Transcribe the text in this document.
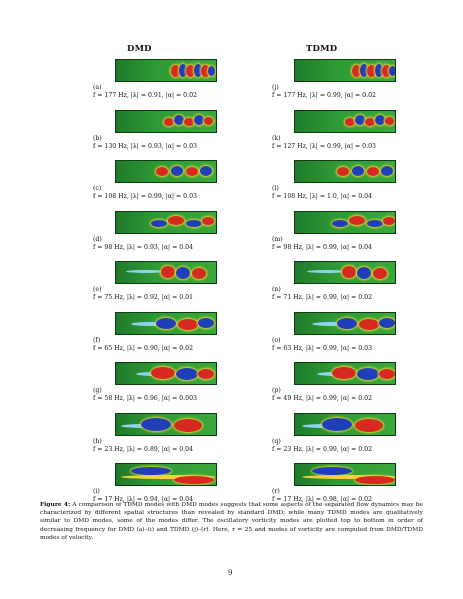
DMD	TDMD
(a)
f = 177 Hz, |λ| = 0.91, |α| = 0.02
(b)
f = 130 Hz, |λ| = 0.93, |α| = 0.03
(c)
f = 108 Hz, |λ| = 0.99, |α| = 0.03
(d)
f = 98 Hz, |λ| = 0.93, |α| = 0.04
(e)
f = 75 Hz, |λ| = 0.92, |α| = 0.01
(f)
f = 65 Hz, |λ| = 0.90, |α| = 0.02
(g)
f = 58 Hz, |λ| = 0.96, |α| = 0.003
(h)
f = 23 Hz, |λ| = 0.89, |α| = 0.04
(i)
f = 17 Hz, |λ| = 0.94, |α| = 0.04
(j)
f = 177 Hz, |λ| = 0.99, |α| = 0.02
(k)
f = 127 Hz, |λ| = 0.99, |α| = 0.03
(l)
f = 108 Hz, |λ| = 1.0, |α| = 0.04
(m)
f = 98 Hz, |λ| = 0.99, |α| = 0.04
(n)
f = 71 Hz, |λ| = 0.99, |α| = 0.02
(o)
f = 63 Hz, |λ| = 0.99, |α| = 0.03
(p)
f = 49 Hz, |λ| = 0.99, |α| = 0.02
(q)
f = 23 Hz, |λ| = 0.99, |α| = 0.02
(r)
f = 17 Hz, |λ| = 0.98, |α| = 0.02
Figure 4: A comparison of TDMD modes with DMD modes suggests that some aspects of the separated flow dynamics may be characterized by different spatial structures than revealed by standard DMD; while many TDMD modes are qualitatively similar to DMD modes, some of the modes differ. The oscillatory vorticity modes are plotted top to bottom in order of decreasing frequency for DMD (a)–(i) and TDMD (j)–(r). Here, r = 25 and modes of vorticity are computed from DMD/TDMD modes of velocity.
9
